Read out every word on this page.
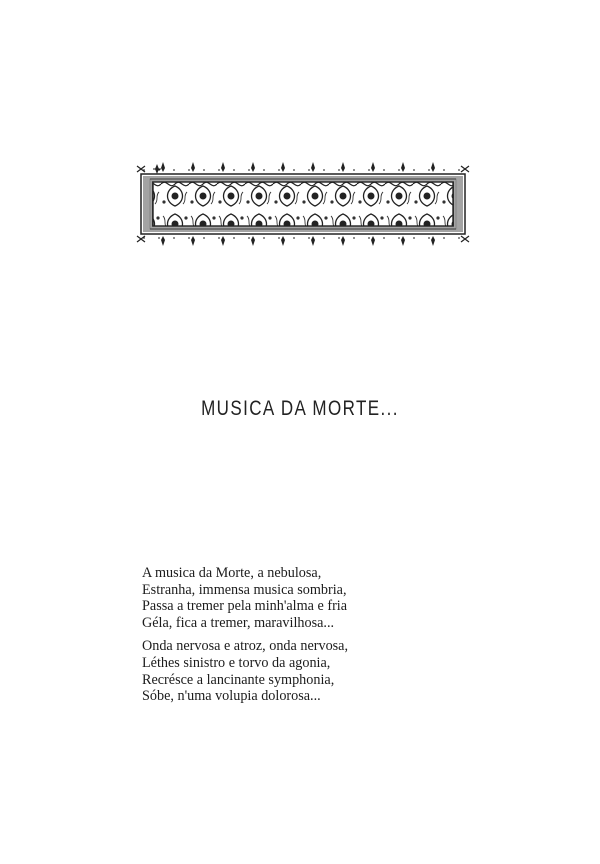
MUSICA DA MORTE...
A musica da Morte, a nebulosa,
Estranha, immensa musica sombria,
Passa a tremer pela minh'alma e fria
Géla, fica a tremer, maravilhosa...
Onda nervosa e atroz, onda nervosa,
Léthes sinistro e torvo da agonia,
Recrésce a lancinante symphonia,
Sóbe, n'uma volupia dolorosa...
